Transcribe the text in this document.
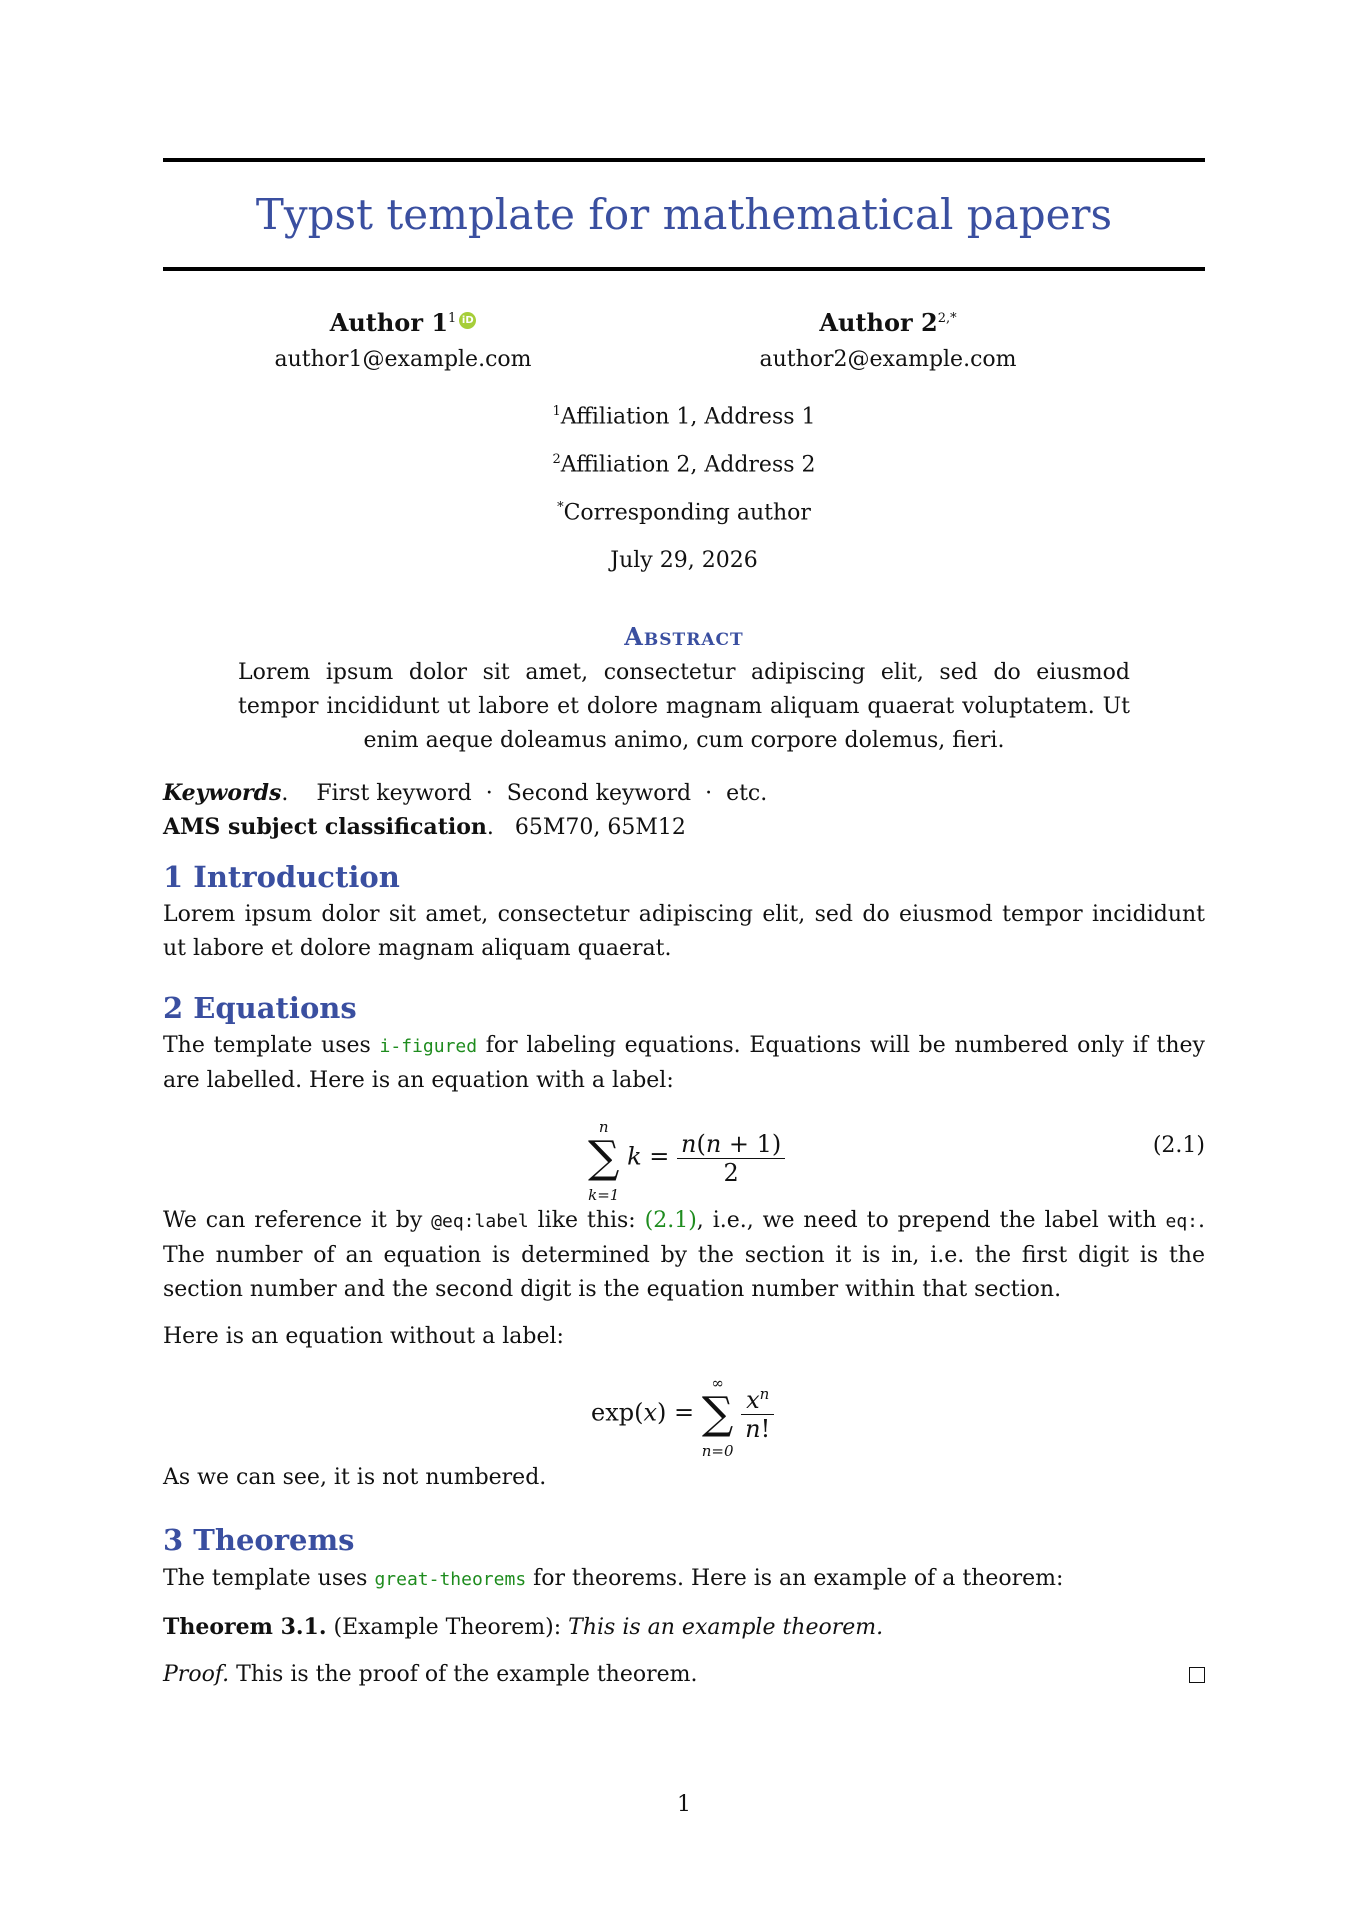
Typst template for mathematical papers
Author $1^1$ iD
author1@example.com
Author $2^{2,*}$
author2@example.com
$^1$Affiliation 1, Address 1
$^2$Affiliation 2, Address 2
*Corresponding author
July 29, 2026
Abstract
Lorem ipsum dolor sit amet, consectetur adipiscing elit, sed do eiusmod tempor incididunt ut labore et dolore magnam aliquam quaerat voluptatem. Ut enim aeque doleamus animo, cum corpore dolemus, fieri.
Keywords.    First keyword  ·  Second keyword  ·  etc.
AMS subject classification.   65M70, 65M12
1 Introduction
Lorem ipsum dolor sit amet, consectetur adipiscing elit, sed do eiusmod tempor incididunt ut labore et dolore magnam aliquam quaerat.
2 Equations
The template uses i-figured for labeling equations. Equations will be numbered only if they are labelled. Here is an equation with a label:
n
∑
k=1 $k = \frac{n(n + 1)}{2}$	(2.1)
We can reference it by @eq:label like this: (2.1), i.e., we need to prepend the label with eq:. The number of an equation is determined by the section it is in, i.e. the first digit is the section number and the second digit is the equation number within that section.
Here is an equation without a label:
exp(x) = ∞
∑
n=0
$\frac{x^n}{n!}$
As we can see, it is not numbered.
3 Theorems
The template uses great-theorems for theorems. Here is an example of a theorem:
Theorem 3.1. (Example Theorem): This is an example theorem.
Proof. This is the proof of the example theorem.
1
